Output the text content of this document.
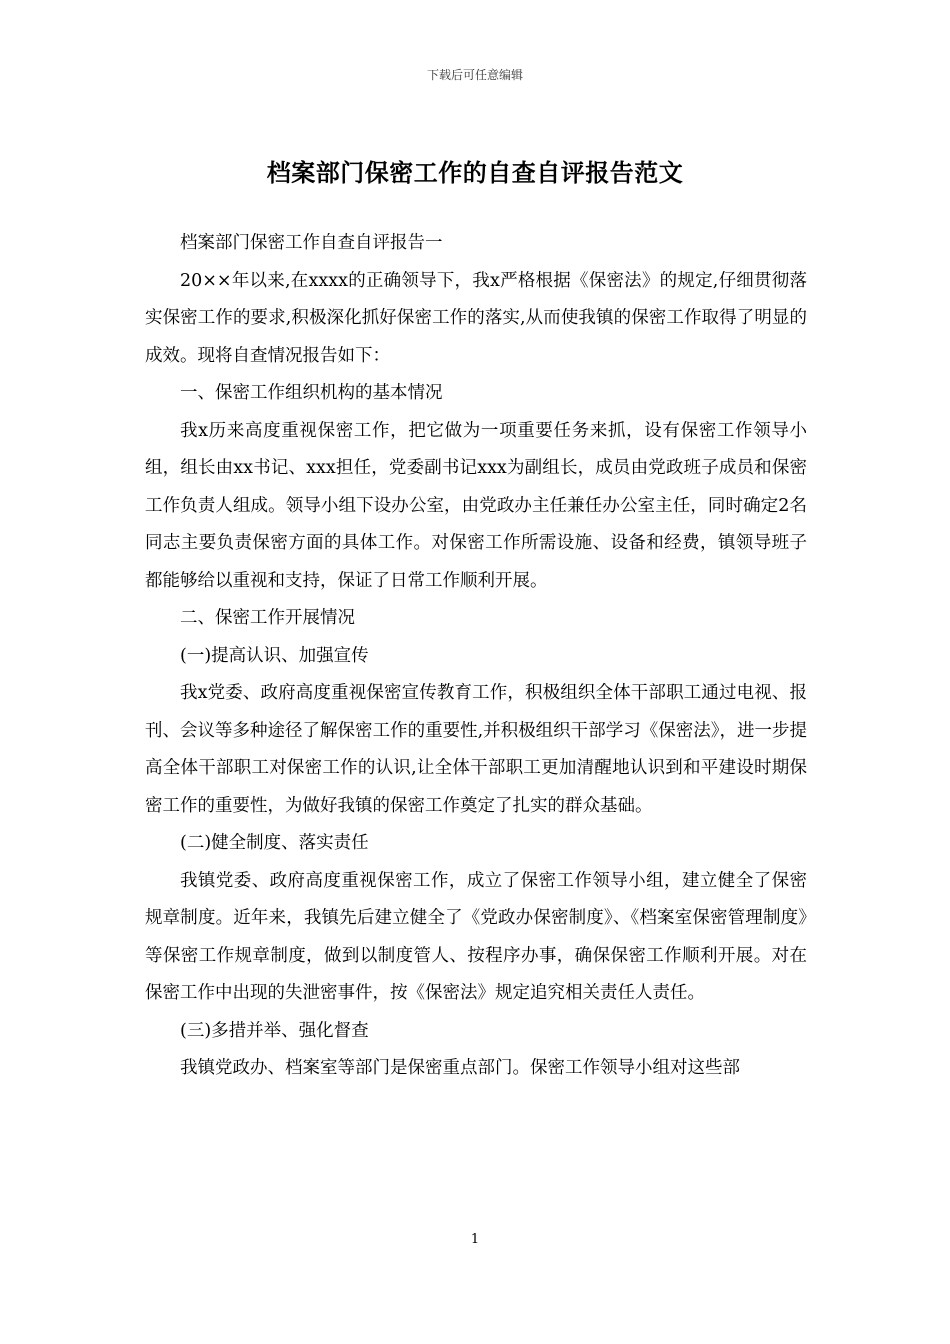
下载后可任意编辑
档案部门保密工作的自查自评报告范文

档案部门保密工作自查自评报告一

20××年以来,在xxxx的正确领导下，我x严格根据《保密法》的规定,仔细贯彻落实保密工作的要求,积极深化抓好保密工作的落实,从而使我镇的保密工作取得了明显的成效。现将自查情况报告如下：

一、保密工作组织机构的基本情况

我x历来高度重视保密工作，把它做为一项重要任务来抓，设有保密工作领导小组，组长由xx书记、xxx担任，党委副书记xxx为副组长，成员由党政班子成员和保密工作负责人组成。领导小组下设办公室，由党政办主任兼任办公室主任，同时确定2名同志主要负责保密方面的具体工作。对保密工作所需设施、设备和经费，镇领导班子都能够给以重视和支持，保证了日常工作顺利开展。

二、保密工作开展情况

(一)提高认识、加强宣传

我x党委、政府高度重视保密宣传教育工作，积极组织全体干部职工通过电视、报刊、会议等多种途径了解保密工作的重要性,并积极组织干部学习《保密法》，进一步提高全体干部职工对保密工作的认识,让全体干部职工更加清醒地认识到和平建设时期保密工作的重要性，为做好我镇的保密工作奠定了扎实的群众基础。

(二)健全制度、落实责任

我镇党委、政府高度重视保密工作，成立了保密工作领导小组，建立健全了保密规章制度。近年来，我镇先后建立健全了《党政办保密制度》、《档案室保密管理制度》等保密工作规章制度，做到以制度管人、按程序办事，确保保密工作顺利开展。对在保密工作中出现的失泄密事件，按《保密法》规定追究相关责任人责任。

(三)多措并举、强化督查

我镇党政办、档案室等部门是保密重点部门。保密工作领导小组对这些部

1
